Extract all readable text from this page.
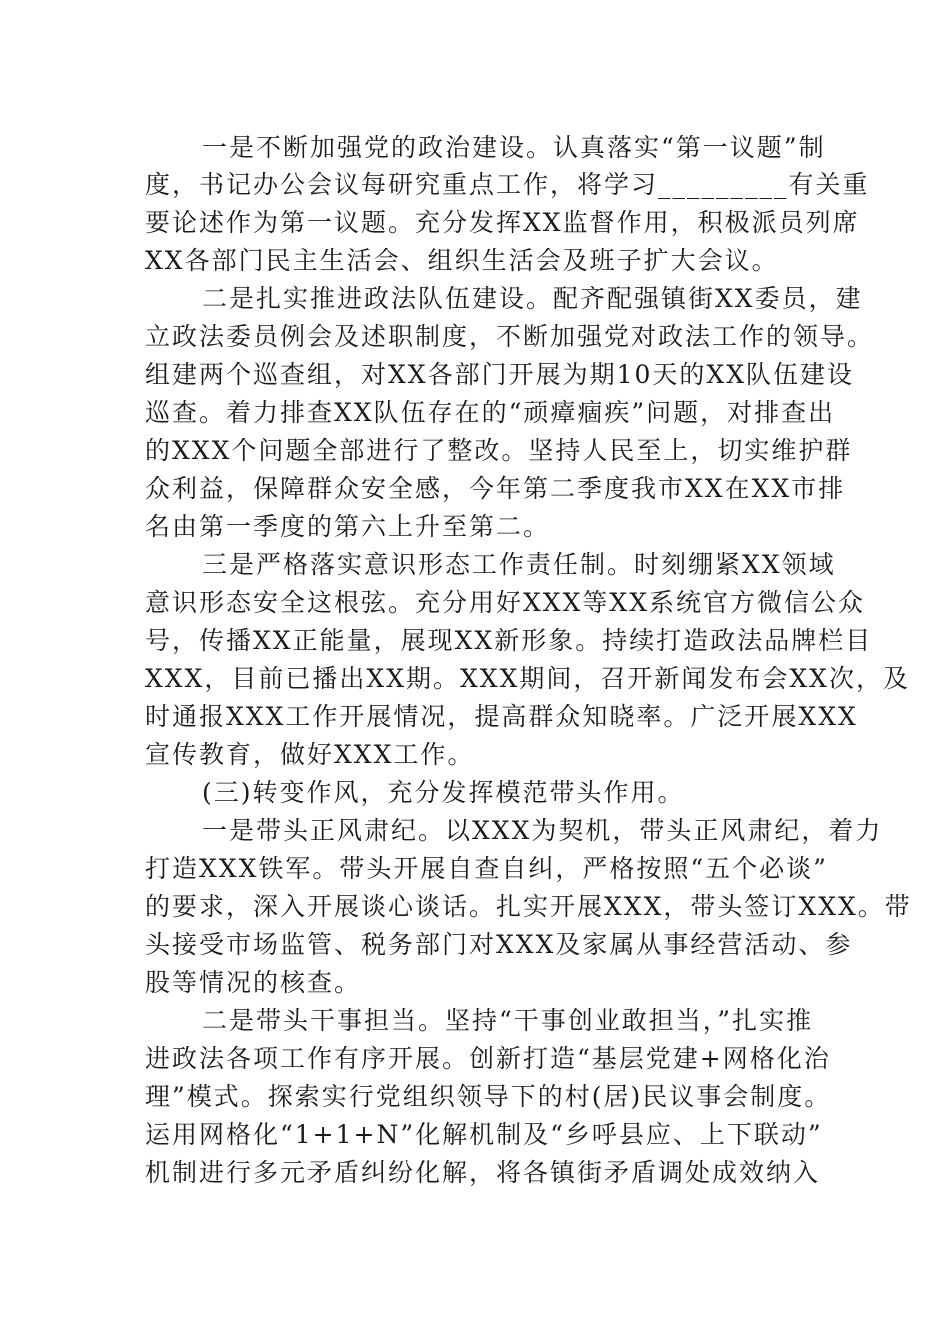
一是不断加强党的政治建设。认真落实“第一议题”制

度，书记办公会议每研究重点工作，将学习_________有关重

要论述作为第一议题。充分发挥XX监督作用，积极派员列席

XX各部门民主生活会、组织生活会及班子扩大会议。

二是扎实推进政法队伍建设。配齐配强镇街XX委员，建

立政法委员例会及述职制度，不断加强党对政法工作的领导。

组建两个巡查组，对XX各部门开展为期10天的XX队伍建设

巡查。着力排查XX队伍存在的“顽瘴痼疾”问题，对排查出

的XXX个问题全部进行了整改。坚持人民至上，切实维护群

众利益，保障群众安全感，今年第二季度我市XX在XX市排

名由第一季度的第六上升至第二。

三是严格落实意识形态工作责任制。时刻绷紧XX领域

意识形态安全这根弦。充分用好XXX等XX系统官方微信公众

号，传播XX正能量，展现XX新形象。持续打造政法品牌栏目

XXX，目前已播出XX期。XXX期间，召开新闻发布会XX次，及

时通报XXX工作开展情况，提高群众知晓率。广泛开展XXX

宣传教育，做好XXX工作。

(三)转变作风，充分发挥模范带头作用。

一是带头正风肃纪。以XXX为契机，带头正风肃纪，着力

打造XXX铁军。带头开展自查自纠，严格按照“五个必谈”

的要求，深入开展谈心谈话。扎实开展XXX，带头签订XXX。带

头接受市场监管、税务部门对XXX及家属从事经营活动、参

股等情况的核查。

二是带头干事担当。坚持“干事创业敢担当，”扎实推

进政法各项工作有序开展。创新打造“基层党建+网格化治

理”模式。探索实行党组织领导下的村(居)民议事会制度。

运用网格化“1+1+N”化解机制及“乡呼县应、上下联动”

机制进行多元矛盾纠纷化解，将各镇街矛盾调处成效纳入
